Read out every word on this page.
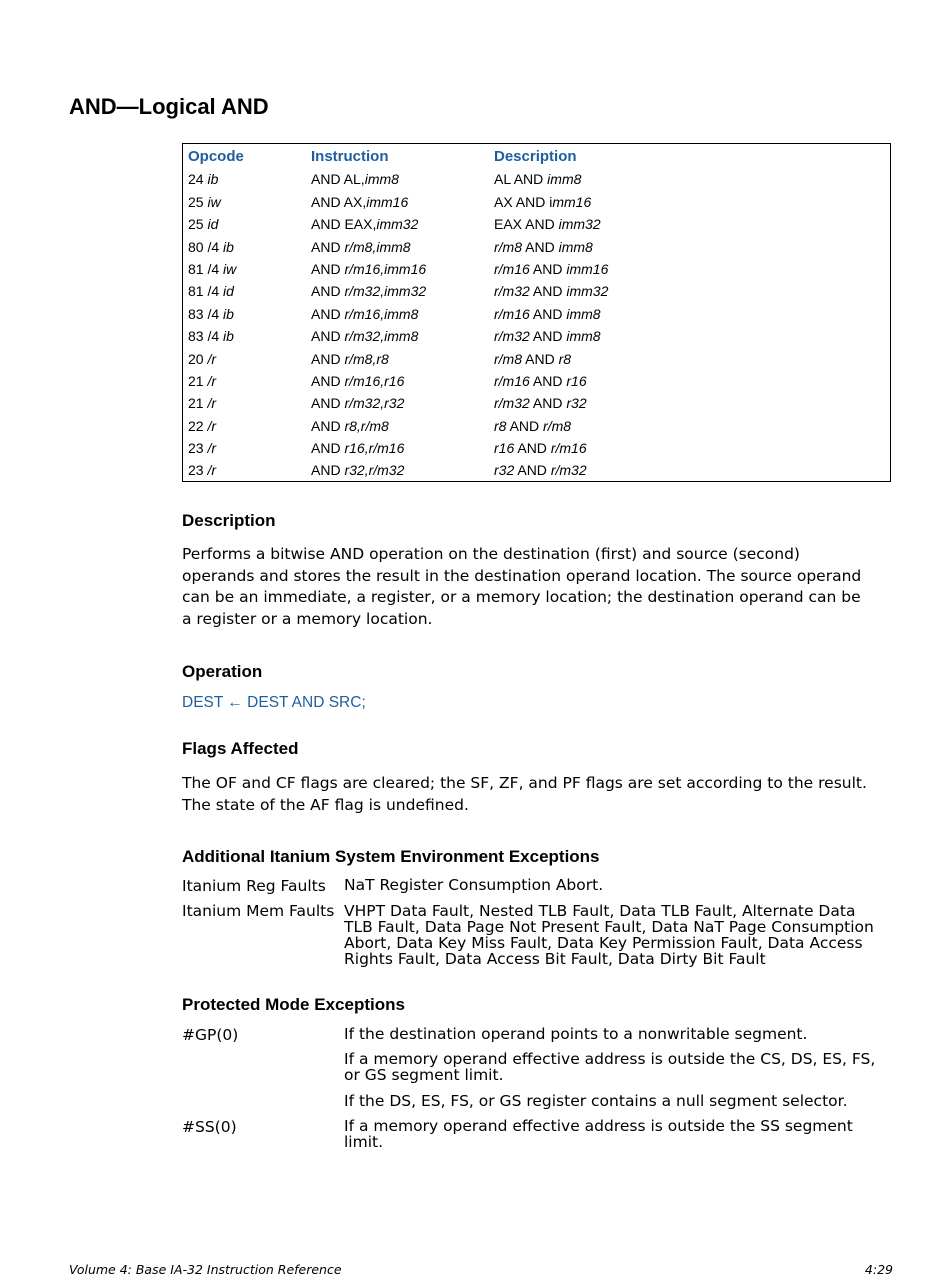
AND—Logical AND
Opcode	Instruction	Description
24 ib	AND AL,imm8	AL AND imm8
25 iw	AND AX,imm16	AX AND imm16
25 id	AND EAX,imm32	EAX AND imm32
80 /4 ib	AND r/m8,imm8	r/m8 AND imm8
81 /4 iw	AND r/m16,imm16	r/m16 AND imm16
81 /4 id	AND r/m32,imm32	r/m32 AND imm32
83 /4 ib	AND r/m16,imm8	r/m16 AND imm8
83 /4 ib	AND r/m32,imm8	r/m32 AND imm8
20 /r	AND r/m8,r8	r/m8 AND r8
21 /r	AND r/m16,r16	r/m16 AND r16
21 /r	AND r/m32,r32	r/m32 AND r32
22 /r	AND r8,r/m8	r8 AND r/m8
23 /r	AND r16,r/m16	r16 AND r/m16
23 /r	AND r32,r/m32	r32 AND r/m32
Description
Performs a bitwise AND operation on the destination (first) and source (second)
operands and stores the result in the destination operand location. The source operand
can be an immediate, a register, or a memory location; the destination operand can be
a register or a memory location.
Operation
DEST ← DEST AND SRC;
Flags Affected
The OF and CF flags are cleared; the SF, ZF, and PF flags are set according to the result.
The state of the AF flag is undefined.
Additional Itanium System Environment Exceptions
Itanium Reg Faults NaT Register Consumption Abort.
Itanium Mem Faults VHPT Data Fault, Nested TLB Fault, Data TLB Fault, Alternate Data
TLB Fault, Data Page Not Present Fault, Data NaT Page Consumption
Abort, Data Key Miss Fault, Data Key Permission Fault, Data Access
Rights Fault, Data Access Bit Fault, Data Dirty Bit Fault
Protected Mode Exceptions
#GP(0)	If the destination operand points to a nonwritable segment.
If a memory operand effective address is outside the CS, DS, ES, FS,
or GS segment limit.
If the DS, ES, FS, or GS register contains a null segment selector.
#SS(0)	If a memory operand effective address is outside the SS segment
limit.
Volume 4: Base IA-32 Instruction Reference	4:29
